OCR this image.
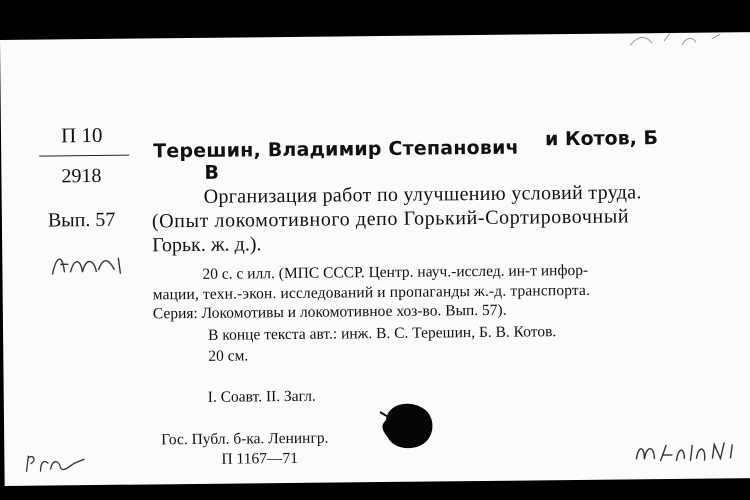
П 10
2918
Вып. 57
Терешин, Владимир Степанович и Котов, Б
В
Организация работ по улучшению условий труда.
(Опыт локомотивного депо Горький-Сортировочный
Горьк. ж. д.).
20 с. с илл. (МПС СССР. Центр. науч.-исслед. ин-т инфор-
мации, техн.-экон. исследований и пропаганды ж.-д. транспорта.
Серия: Локомотивы и локомотивное хоз-во. Вып. 57).
В конце текста авт.: инж. В. С. Терешин, Б. В. Котов.
20 см.
I. Соавт. II. Загл.
Гос. Публ. б-ка. Ленингр.
П 1167—71
